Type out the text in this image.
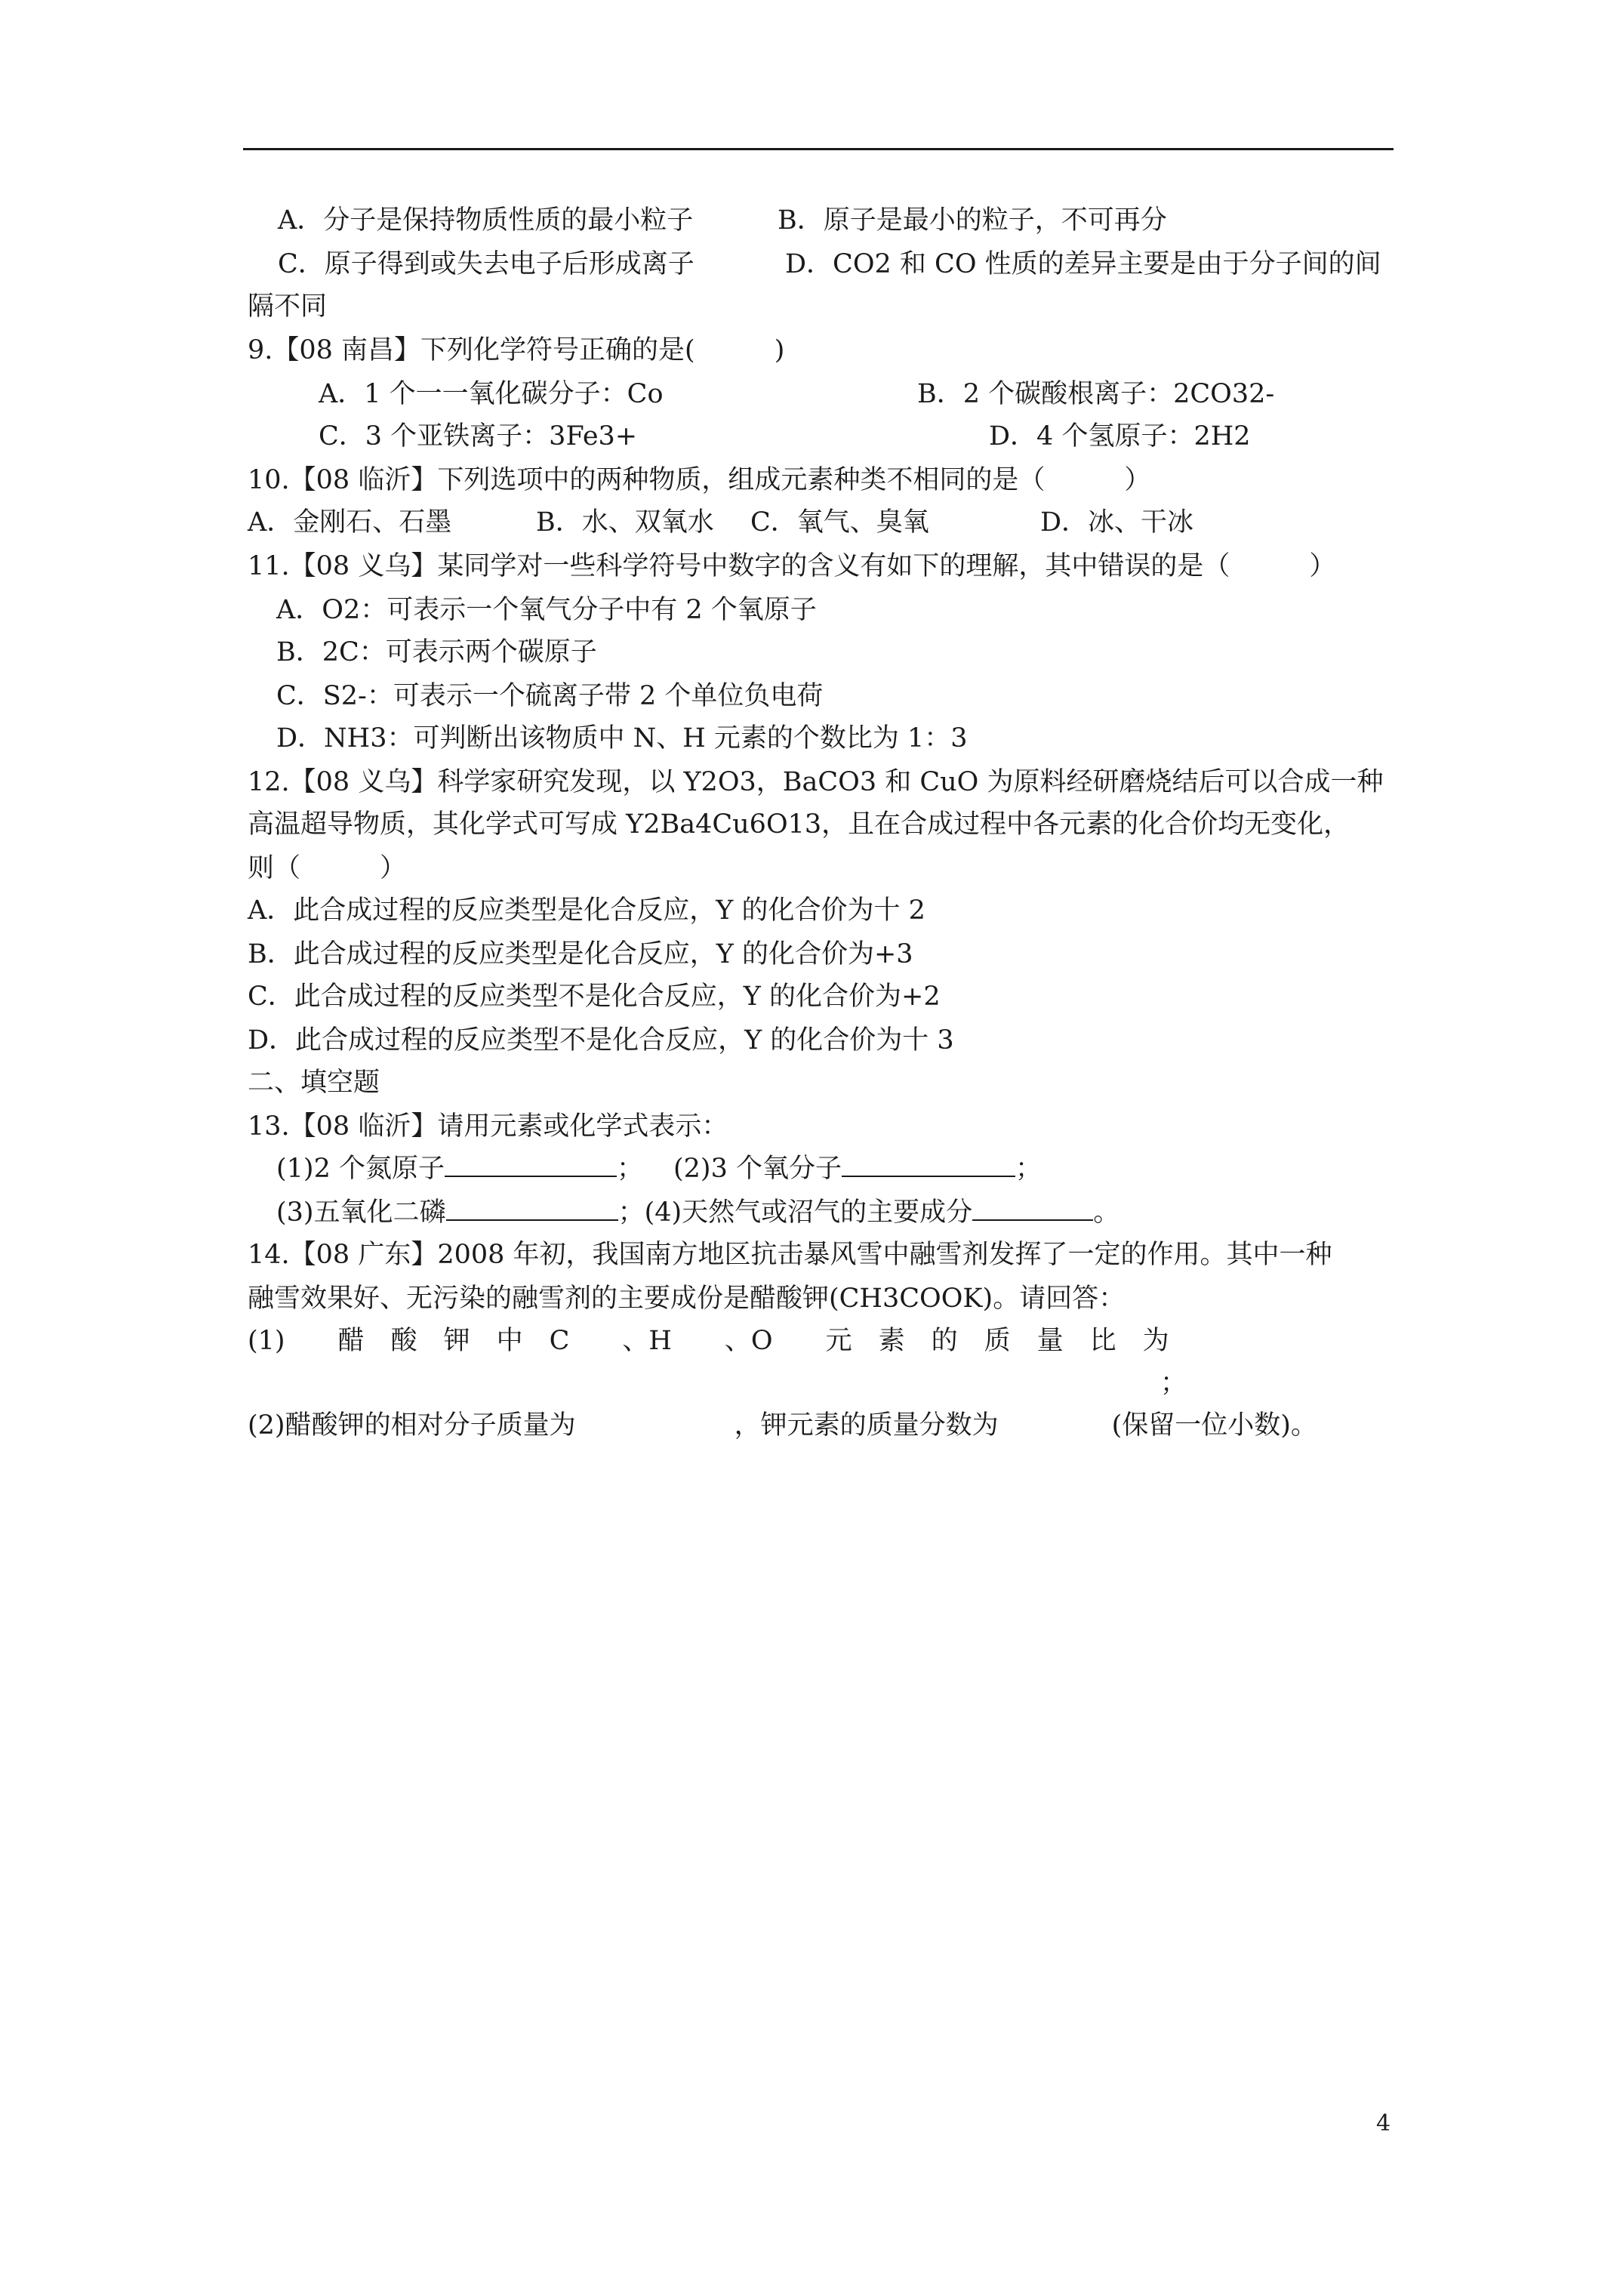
A．分子是保持物质性质的最小粒子	B．原子是最小的粒子，不可再分
C．原子得到或失去电子后形成离子	D．CO2 和 CO 性质的差异主要是由于分子间的间
隔不同
9.【08 南昌】下列化学符号正确的是(　　　)
A．1 个一一氧化碳分子：Co	B．2 个碳酸根离子：2CO32-
C．3 个亚铁离子：3Fe3+	D．4 个氢原子：2H2
10.【08 临沂】下列选项中的两种物质，组成元素种类不相同的是（　　　）
A．金刚石、石墨	B．水、双氧水 C．氧气、臭氧	D．冰、干冰
11.【08 义乌】某同学对一些科学符号中数字的含义有如下的理解，其中错误的是（　　　）
A．O2：可表示一个氧气分子中有 2 个氧原子
B．2C：可表示两个碳原子
C．S2-：可表示一个硫离子带 2 个单位负电荷
D．NH3：可判断出该物质中 N、H 元素的个数比为 1：3
12.【08 义乌】科学家研究发现，以 Y2O3，BaCO3 和 CuO 为原料经研磨烧结后可以合成一种
高温超导物质，其化学式可写成 Y2Ba4Cu6O13，且在合成过程中各元素的化合价均无变化，
则（　　　）
A．此合成过程的反应类型是化合反应，Y 的化合价为十 2
B．此合成过程的反应类型是化合反应，Y 的化合价为+3
C．此合成过程的反应类型不是化合反应，Y 的化合价为+2
D．此合成过程的反应类型不是化合反应，Y 的化合价为十 3
二、填空题
13.【08 临沂】请用元素或化学式表示：
(1)2 个氮原子	； (2)3 个氧分子	；
(3)五氧化二磷	；(4)天然气或沼气的主要成分	。
14.【08 广东】2008 年初，我国南方地区抗击暴风雪中融雪剂发挥了一定的作用。其中一种
融雪效果好、无污染的融雪剂的主要成份是醋酸钾(CH3COOK)。请回答：
(1)　　醋　酸　钾　中　C　　、H　　、O　　元　素　的　质　量　比　为
；
(2)醋酸钾的相对分子质量为	，钾元素的质量分数为	(保留一位小数)。
4
